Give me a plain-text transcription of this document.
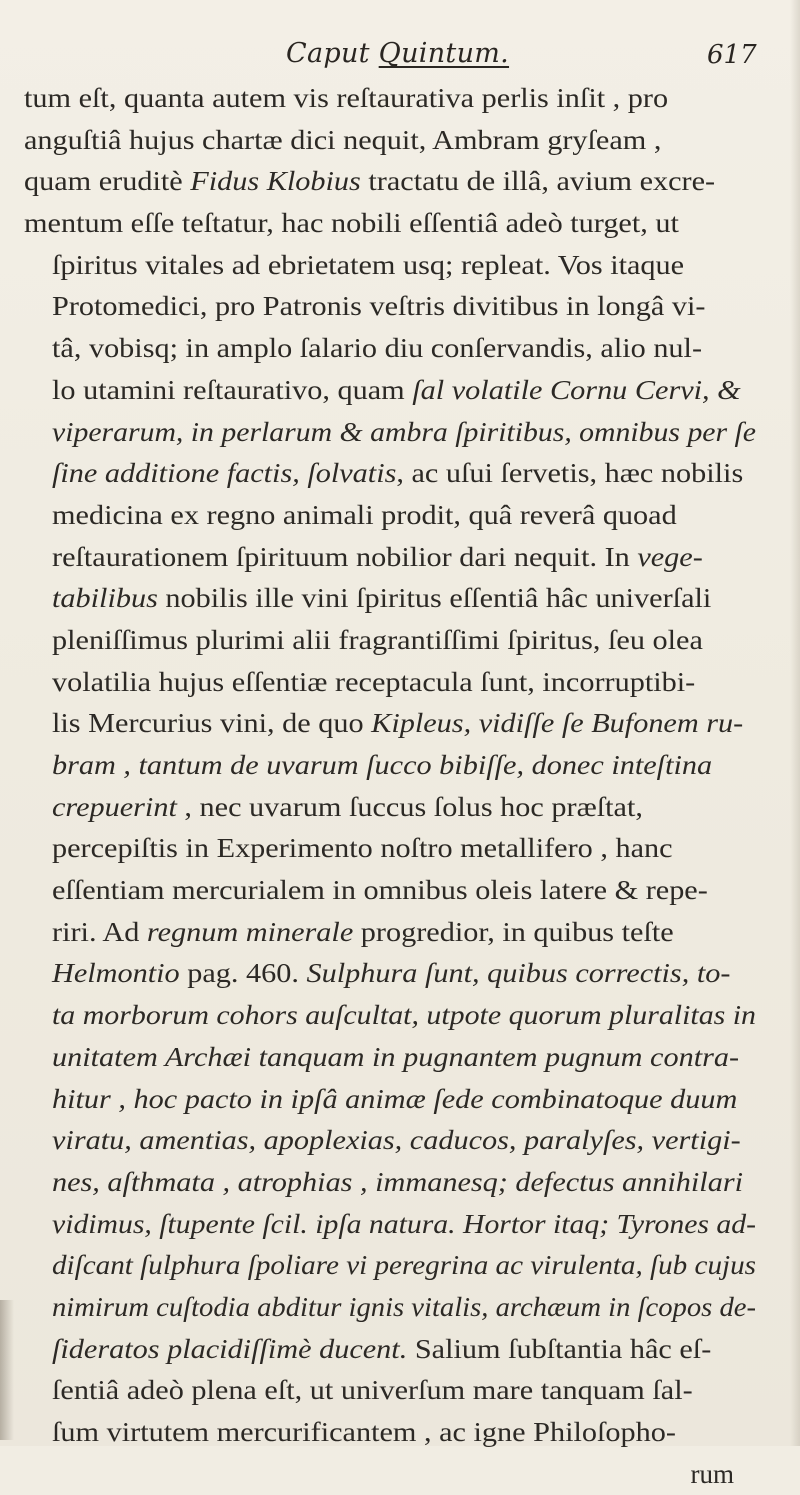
Caput Quintum.	617
tum eſt, quanta autem vis reſtaurativa perlis inſit , pro
anguſtiâ hujus chartæ dici nequit, Ambram gryſeam ,
quam eruditè Fidus Klobius tractatu de illâ, avium excre-
mentum eſſe teſtatur, hac nobili eſſentiâ adeò turget, ut
ſpiritus vitales ad ebrietatem usq; repleat. Vos itaque
Protomedici, pro Patronis veſtris divitibus in longâ vi-
tâ, vobisq; in amplo ſalario diu conſervandis, alio nul-
lo utamini reſtaurativo, quam ſal volatile Cornu Cervi, &
viperarum, in perlarum & ambra ſpiritibus, omnibus per ſe
ſine additione factis, ſolvatis, ac uſui ſervetis, hæc nobilis
medicina ex regno animali prodit, quâ reverâ quoad
reſtaurationem ſpirituum nobilior dari nequit. In vege-
tabilibus nobilis ille vini ſpiritus eſſentiâ hâc univerſali
pleniſſimus plurimi alii fragrantiſſimi ſpiritus, ſeu olea
volatilia hujus eſſentiæ receptacula ſunt, incorruptibi-
lis Mercurius vini, de quo Kipleus, vidiſſe ſe Bufonem ru-
bram , tantum de uvarum ſucco bibiſſe, donec inteſtina
crepuerint , nec uvarum ſuccus ſolus hoc præſtat,
percepiſtis in Experimento noſtro metallifero , hanc
eſſentiam mercurialem in omnibus oleis latere & repe-
riri. Ad regnum minerale progredior, in quibus teſte
Helmontio pag. 460. Sulphura ſunt, quibus correctis, to-
ta morborum cohors auſcultat, utpote quorum pluralitas in
unitatem Archæi tanquam in pugnantem pugnum contra-
hitur , hoc pacto in ipſâ animæ ſede combinatoque duum
viratu, amentias, apoplexias, caducos, paralyſes, vertigi-
nes, aſthmata , atrophias , immanesq; defectus annihilari
vidimus, ſtupente ſcil. ipſa natura. Hortor itaq; Tyrones ad-
diſcant ſulphura ſpoliare vi peregrina ac virulenta, ſub cujus
nimirum cuſtodia abditur ignis vitalis, archæum in ſcopos de-
ſideratos placidiſſimè ducent. Salium ſubſtantia hâc eſ-
ſentiâ adeò plena eſt, ut univerſum mare tanquam ſal-
ſum virtutem mercurificantem , ac igne Philoſopho-
rum
